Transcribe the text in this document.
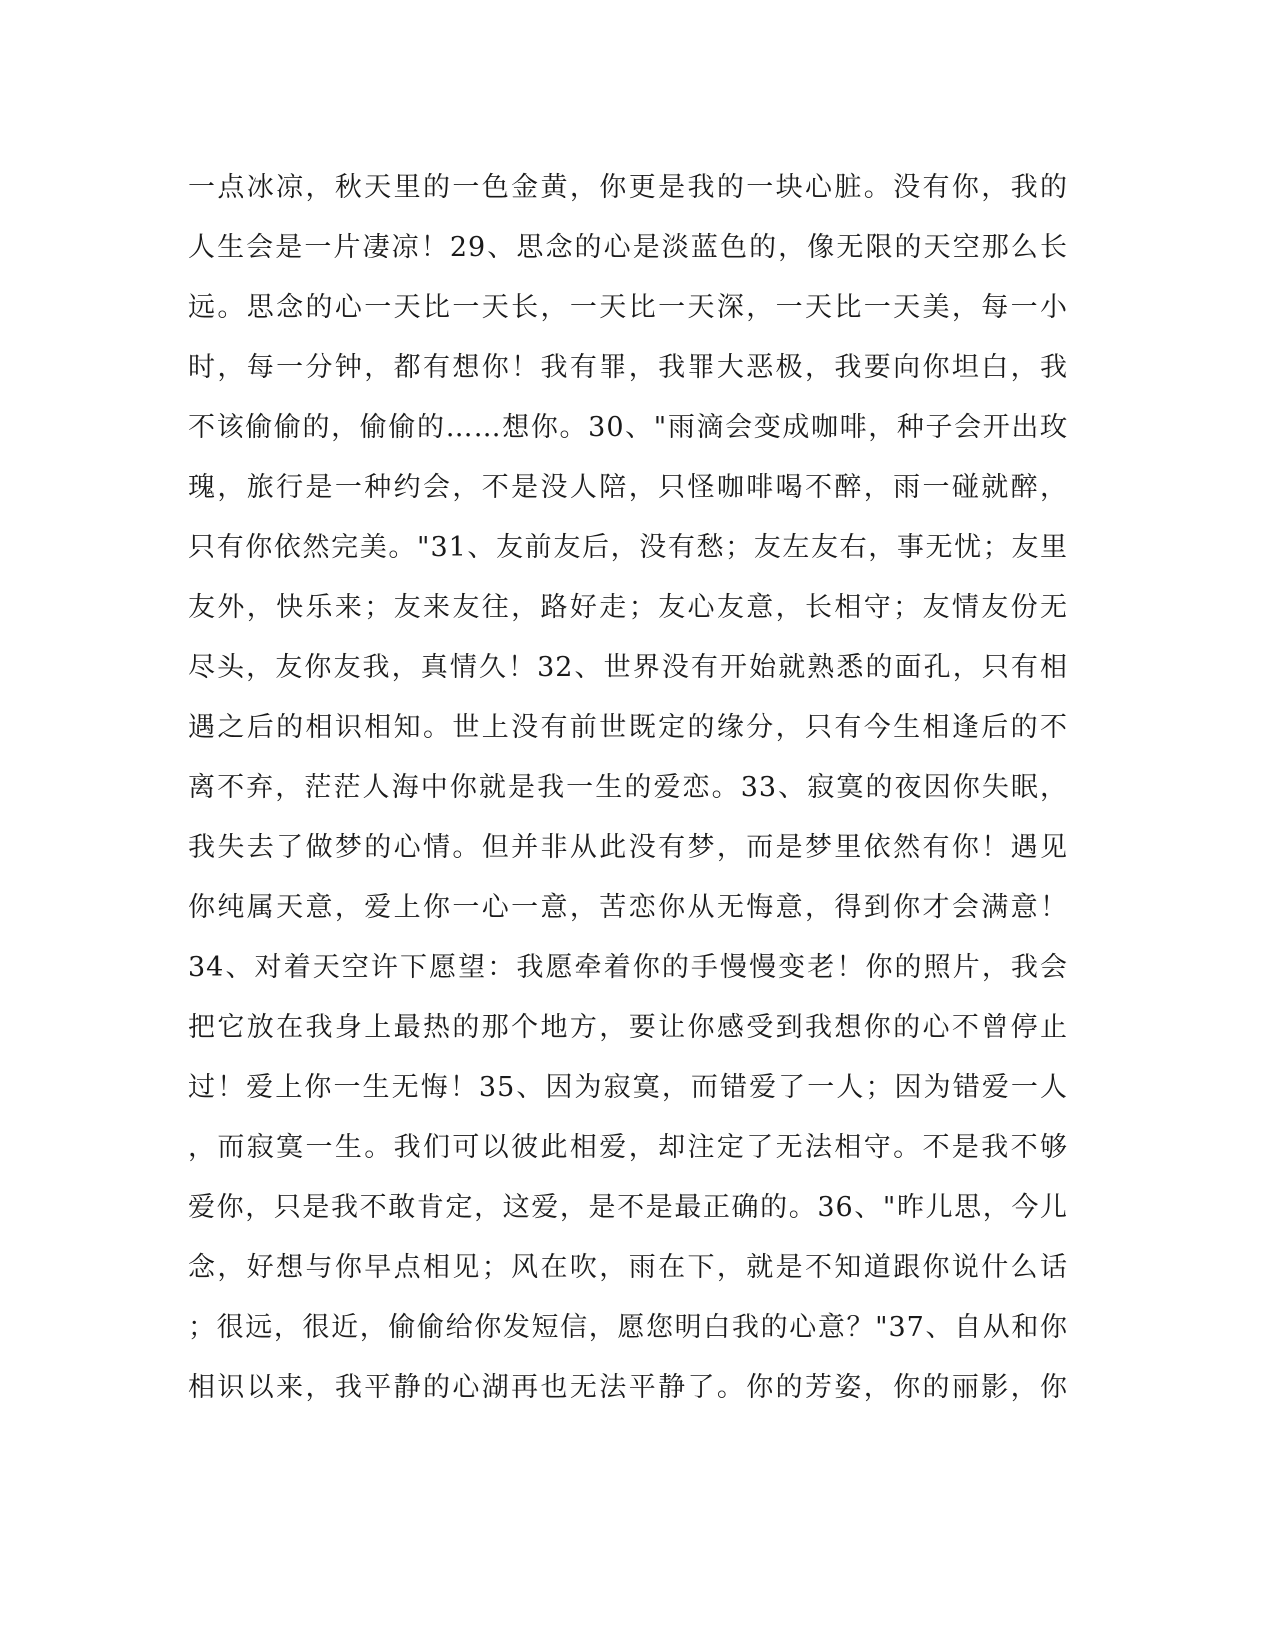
一点冰凉，秋天里的一色金黄，你更是我的一块心脏。没有你，我的
人生会是一片凄凉！29、思念的心是淡蓝色的，像无限的天空那么长
远。思念的心一天比一天长，一天比一天深，一天比一天美，每一小
时，每一分钟，都有想你！我有罪，我罪大恶极，我要向你坦白，我
不该偷偷的，偷偷的……想你。30、"雨滴会变成咖啡，种子会开出玫
瑰，旅行是一种约会，不是没人陪，只怪咖啡喝不醉，雨一碰就醉，
只有你依然完美。"31、友前友后，没有愁；友左友右，事无忧；友里
友外，快乐来；友来友往，路好走；友心友意，长相守；友情友份无
尽头，友你友我，真情久！32、世界没有开始就熟悉的面孔，只有相
遇之后的相识相知。世上没有前世既定的缘分，只有今生相逢后的不
离不弃，茫茫人海中你就是我一生的爱恋。33、寂寞的夜因你失眠，
我失去了做梦的心情。但并非从此没有梦，而是梦里依然有你！遇见
你纯属天意，爱上你一心一意，苦恋你从无悔意，得到你才会满意！
34、对着天空许下愿望：我愿牵着你的手慢慢变老！你的照片，我会
把它放在我身上最热的那个地方，要让你感受到我想你的心不曾停止
过！爱上你一生无悔！35、因为寂寞，而错爱了一人；因为错爱一人
，而寂寞一生。我们可以彼此相爱，却注定了无法相守。不是我不够
爱你，只是我不敢肯定，这爱，是不是最正确的。36、"昨儿思，今儿
念，好想与你早点相见；风在吹，雨在下，就是不知道跟你说什么话
；很远，很近，偷偷给你发短信，愿您明白我的心意？"37、自从和你
相识以来，我平静的心湖再也无法平静了。你的芳姿，你的丽影，你
